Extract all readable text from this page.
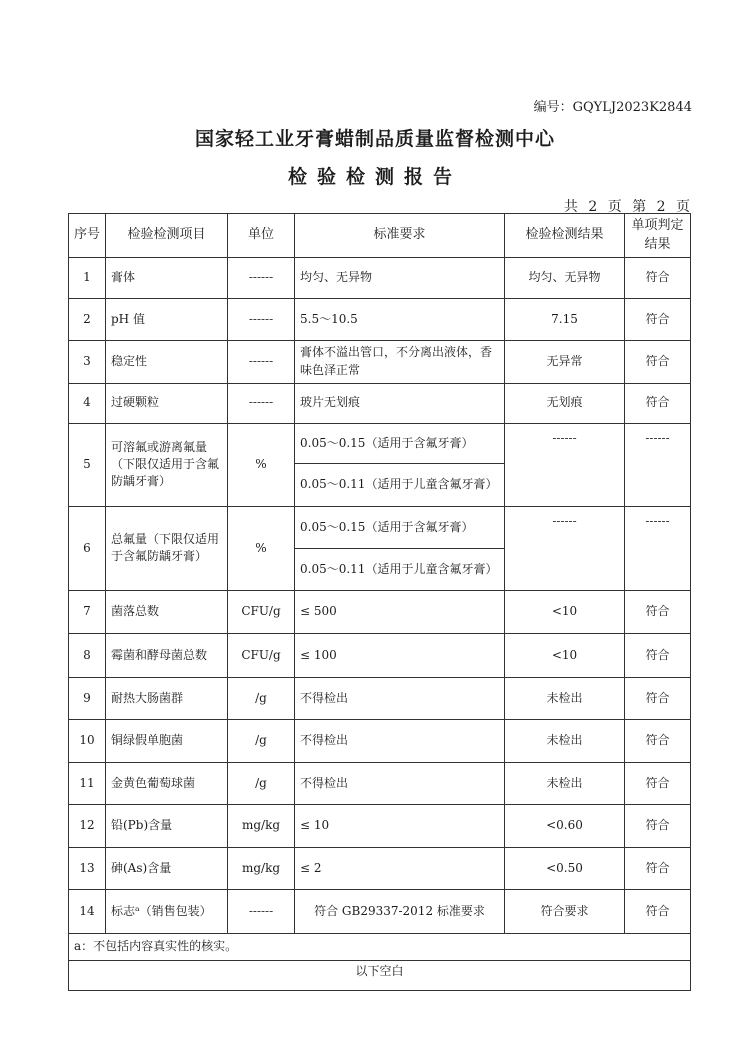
编号：GQYLJ2023K2844
国家轻工业牙膏蜡制品质量监督检测中心
检验检测报告
共 2 页 第 2 页
序号	检验检测项目	单位	标准要求	检验检测结果	单项判定结果
1	膏体	------	均匀、无异物	均匀、无异物	符合
2	pH 值	------	5.5～10.5	7.15	符合
3	稳定性	------	膏体不溢出管口，不分离出液体，香味色泽正常	无异常	符合
4	过硬颗粒	------	玻片无划痕	无划痕	符合
5	可溶氟或游离氟量（下限仅适用于含氟防龋牙膏）	%	0.05～0.15（适用于含氟牙膏）	------	------
			0.05～0.11（适用于儿童含氟牙膏）		
6	总氟量（下限仅适用于含氟防龋牙膏）	%	0.05～0.15（适用于含氟牙膏）	------	------
			0.05～0.11（适用于儿童含氟牙膏）		
7	菌落总数	CFU/g	≤ 500	<10	符合
8	霉菌和酵母菌总数	CFU/g	≤ 100	<10	符合
9	耐热大肠菌群	/g	不得检出	未检出	符合
10	铜绿假单胞菌	/g	不得检出	未检出	符合
11	金黄色葡萄球菌	/g	不得检出	未检出	符合
12	铅(Pb)含量	mg/kg	≤ 10	<0.60	符合
13	砷(As)含量	mg/kg	≤ 2	<0.50	符合
14	标志ᵃ（销售包装）	------	符合 GB29337-2012 标准要求	符合要求	符合
a：不包括内容真实性的核实。					
以下空白					
